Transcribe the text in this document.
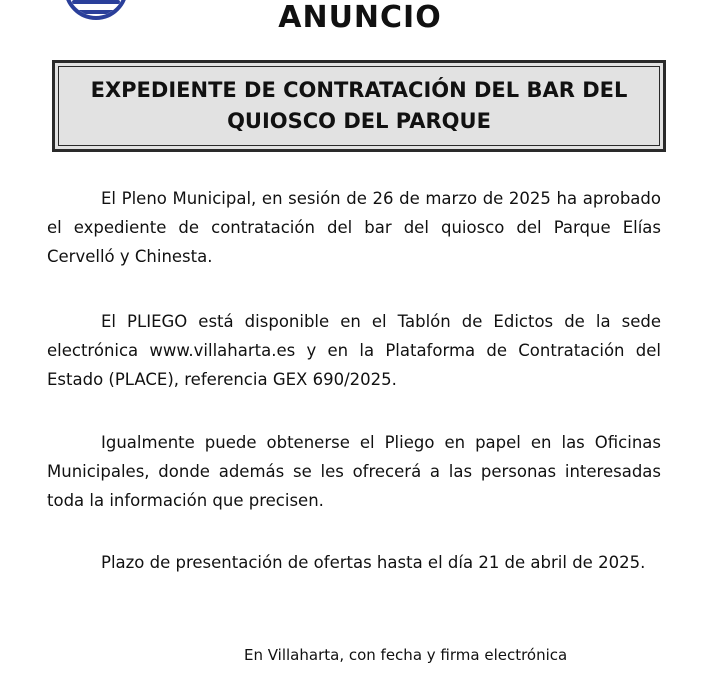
ANUNCIO
EXPEDIENTE DE CONTRATACIÓN DEL BAR DEL QUIOSCO DEL PARQUE

El Pleno Municipal, en sesión de 26 de marzo de 2025 ha aprobado el expediente de contratación del bar del quiosco del Parque Elías Cervelló y Chinesta.

El PLIEGO está disponible en el Tablón de Edictos de la sede electrónica www.villaharta.es y en la Plataforma de Contratación del Estado (PLACE), referencia GEX 690/2025.

Igualmente puede obtenerse el Pliego en papel en las Oficinas Municipales, donde además se les ofrecerá a las personas interesadas toda la información que precisen.

Plazo de presentación de ofertas hasta el día 21 de abril de 2025.

En Villaharta, con fecha y firma electrónica
